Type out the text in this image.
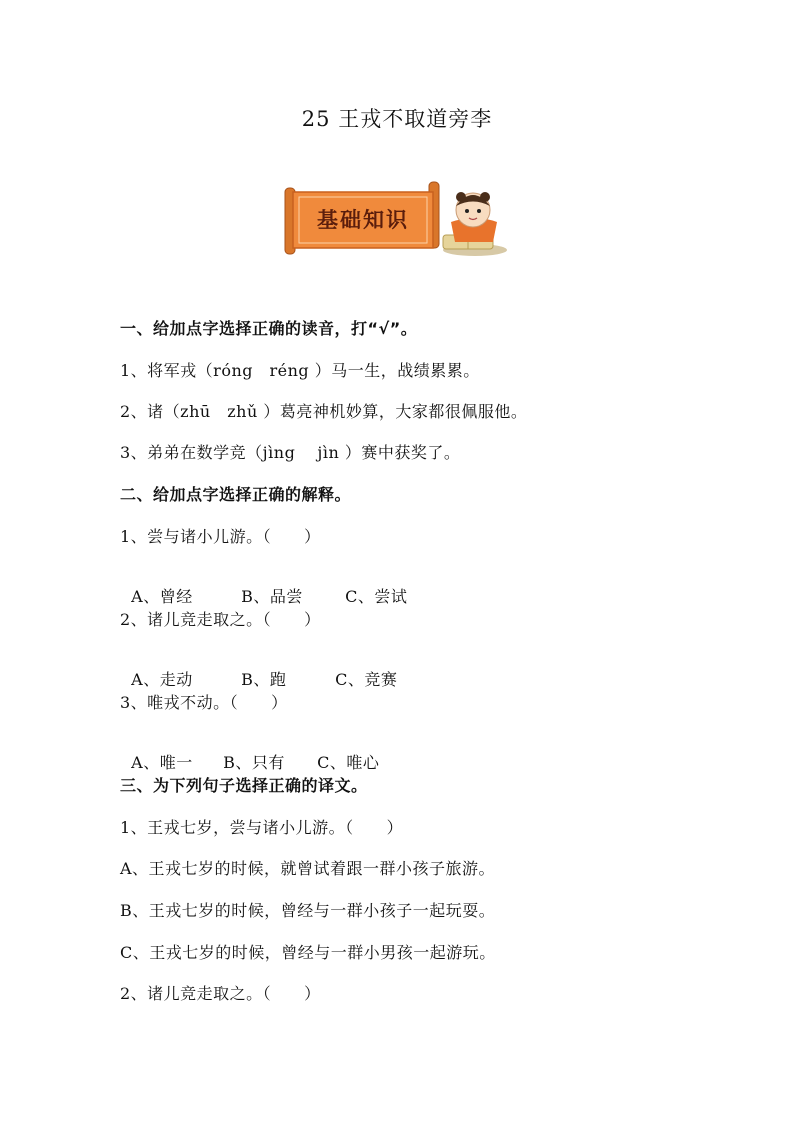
25 王戎不取道旁李
基础知识
一、给加点字选择正确的读音，打“√”。
1、将军戎（róng　réng ）马一生，战绩累累。
2、诸（zhū　zhǔ ）葛亮神机妙算，大家都很佩服他。
3、弟弟在数学竞（jìng　 jìn ）赛中获奖了。
二、给加点字选择正确的解释。
1、尝与诸小儿游。（　　）

A、曾经	B、品尝	C、尝试

2、诸儿竞走取之。（　　）

A、走动	B、跑	C、竞赛

3、唯戎不动。（　　）

A、唯一 B、只有 C、唯心

三、为下列句子选择正确的译文。
1、王戎七岁，尝与诸小儿游。（　　）
A、王戎七岁的时候，就曾试着跟一群小孩子旅游。
B、王戎七岁的时候，曾经与一群小孩子一起玩耍。
C、王戎七岁的时候，曾经与一群小男孩一起游玩。
2、诸儿竞走取之。（　　）
